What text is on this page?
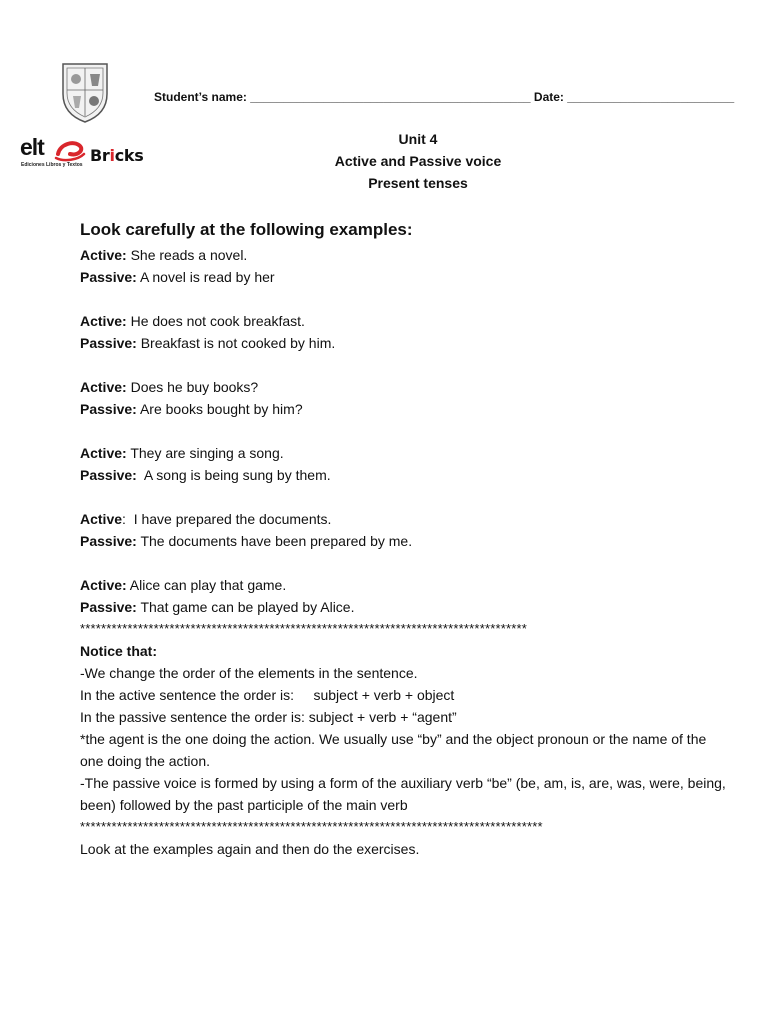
Student’s name: __________________________________________ Date: _________________________
elt
Ediciones Libros y Textos Bricks
Unit 4
Active and Passive voice
Present tenses

Look carefully at the following examples:

Active: She reads a novel.

Passive: A novel is read by her

Active: He does not cook breakfast.

Passive: Breakfast is not cooked by him.

Active: Does he buy books?

Passive: Are books bought by him?

Active: They are singing a song.

Passive:  A song is being sung by them.

Active:  I have prepared the documents.

Passive: The documents have been prepared by me.

Active: Alice can play that game.

Passive: That game can be played by Alice.

*************************************************************************************

Notice that:

-We change the order of the elements in the sentence.

In the active sentence the order is:     subject + verb + object

In the passive sentence the order is: subject + verb + “agent”

*the agent is the one doing the action. We usually use “by” and the object pronoun or the name of the one doing the action.

-The passive voice is formed by using a form of the auxiliary verb “be” (be, am, is, are, was, were, being, been) followed by the past participle of the main verb

****************************************************************************************

Look at the examples again and then do the exercises.
